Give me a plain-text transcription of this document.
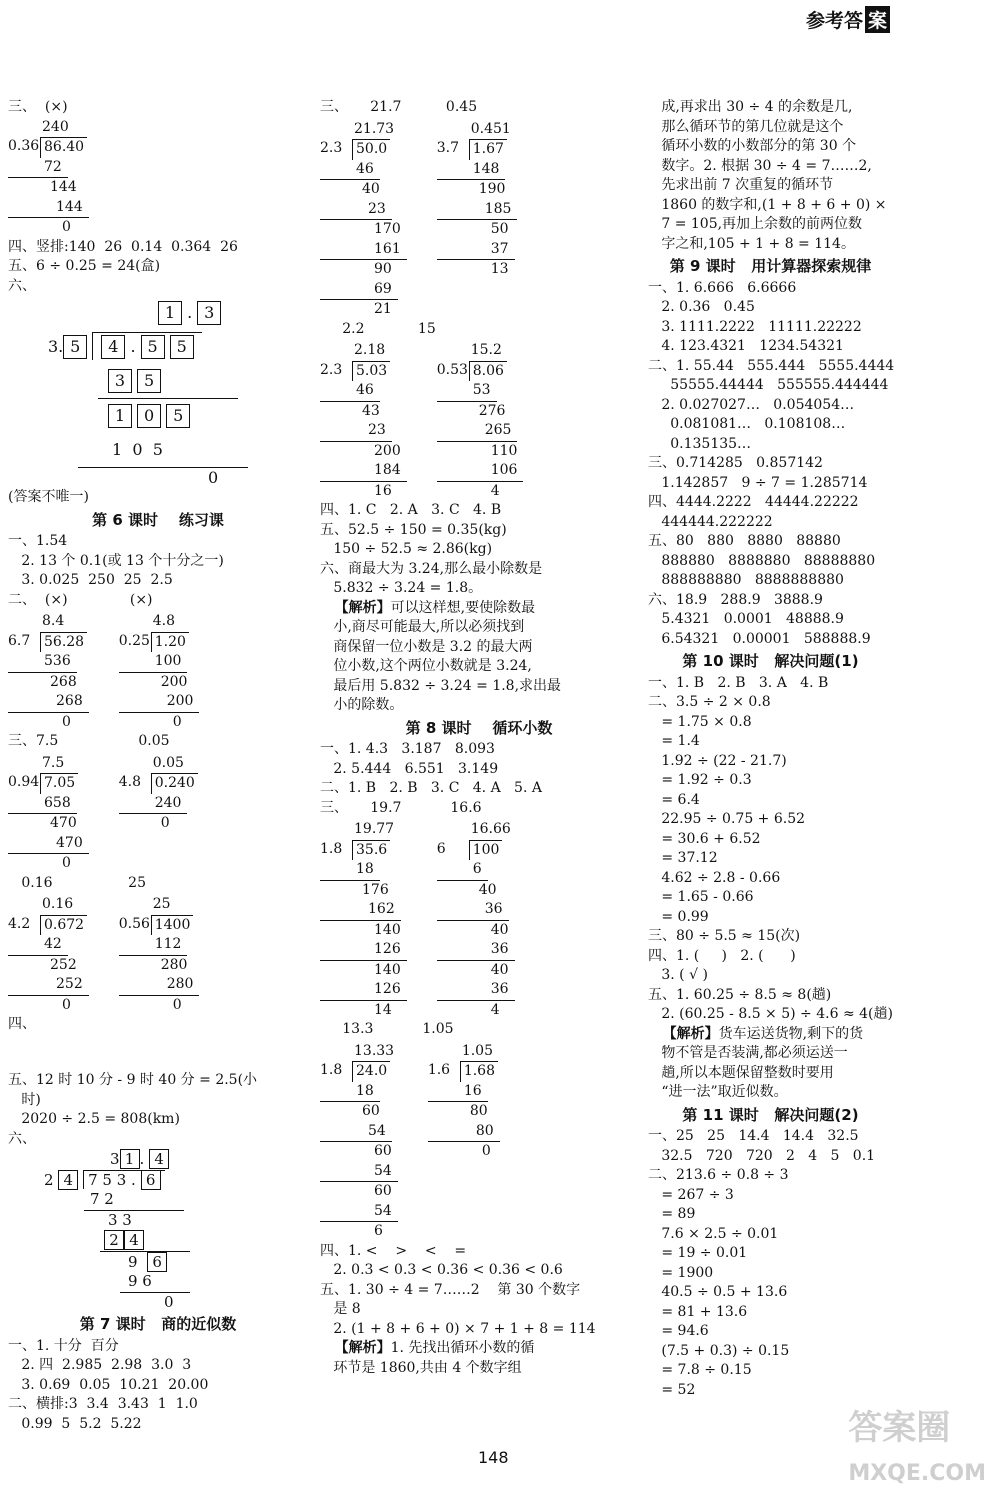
参考答 案
三、  (×)
240
0.36 86.40
72

144
144

0
四、竖排:140  26  0.14  0.364  26
五、6 ÷ 0.25 = 24(盒)
六、
1 . 3
3. 5 4 . 5 5
3 5
1 0 5
1  0  5
0
(答案不唯一)
第 6 课时    练习课
一、1.54
2. 13 个 0.1(或 13 个十分之一)
3. 0.025  250  25  2.5
二、  (×)              (×)
8.4
6.7 56.28
536

268
268

0
4.8
0.25 1.20
100

200
200

0
三、7.5                  0.05
7.5
0.94 7.05
658

470
470

0
0.05
4.8 0.240
240

0
0.16                 25
0.16
4.2 0.672
42

252
252

0
25
0.56 1400
112

280
280

0
四、
五、12 时 10 分 - 9 时 40 分 = 2.5(小
时)
2020 ÷ 2.5 = 808(km)
六、
3 1 . 4
2 4 7 5 3 . 6
7 2
3 3
2 4
9 6
9 6
0
第 7 课时   商的近似数
一、1. 十分  百分
2. 四  2.985  2.98  3.0  3
3. 0.69  0.05  10.21  20.00
二、横排:3  3.4  3.43  1  1.0
0.99  5  5.2  5.22
三、     21.7          0.45
21.73
2.3 50.0
46

40
23

170
161

90
69

21
0.451
3.7 1.67
148

190
185

50
37

13
2.2            15
2.18
2.3 5.03
46

43
23

200
184

16
15.2
0.53 8.06
53

276
265

110
106

4
四、1. C   2. A   3. C   4. B
五、52.5 ÷ 150 = 0.35(kg)
150 ÷ 52.5 ≈ 2.86(kg)
六、商最大为 3.24,那么最小除数是
5.832 ÷ 3.24 = 1.8。
【解析】可以这样想,要使除数最
小,商尽可能最大,所以必须找到
商保留一位小数是 3.2 的最大两
位小数,这个两位小数就是 3.24,
最后用 5.832 ÷ 3.24 = 1.8,求出最
小的除数。
第 8 课时    循环小数
一、1. 4.3   3.187   8.093
2. 5.444   6.551   3.149
二、1. B   2. B   3. C   4. A   5. A
三、     19.7           16.6
19.77
1.8 35.6
18

176
162

140
126

140
126

14
16.66
6	100
6

40
36

40
36

40
36

4
13.3           1.05
13.33
1.8 24.0
18

60
54

60
54

60
54

6
1.05
1.6 1.68
16

80
80

0
四、1. <    >    <    =
2. 0.3 < 0.3 < 0.36 < 0.36 < 0.6
五、1. 30 ÷ 4 = 7……2    第 30 个数字
是 8
2. (1 + 8 + 6 + 0) × 7 + 1 + 8 = 114
【解析】1. 先找出循环小数的循
环节是 1860,共由 4 个数字组
成,再求出 30 ÷ 4 的余数是几,
那么循环节的第几位就是这个
循环小数的小数部分的第 30 个
数字。2. 根据 30 ÷ 4 = 7……2,
先求出前 7 次重复的循环节
1860 的数字和,(1 + 8 + 6 + 0) ×
7 = 105,再加上余数的前两位数
字之和,105 + 1 + 8 = 114。
第 9 课时   用计算器探索规律
一、1. 6.666   6.6666
2. 0.36   0.45
3. 1111.2222   11111.22222
4. 123.4321   1234.54321
二、1. 55.44   555.444   5555.4444
55555.44444   555555.444444
2. 0.027027…   0.054054…
0.081081…   0.108108…
0.135135…
三、0.714285   0.857142
1.142857   9 ÷ 7 = 1.285714
四、4444.2222   44444.22222
444444.222222
五、80   880   8880   88880
888880   8888880   88888880
888888880   8888888880
六、18.9   288.9   3888.9
5.4321   0.0001   48888.9
6.54321   0.00001   588888.9
第 10 课时   解决问题(1)
一、1. B   2. B   3. A   4. B
二、3.5 ÷ 2 × 0.8
= 1.75 × 0.8
= 1.4
1.92 ÷ (22 - 21.7)
= 1.92 ÷ 0.3
= 6.4
22.95 ÷ 0.75 + 6.52
= 30.6 + 6.52
= 37.12
4.62 ÷ 2.8 - 0.66
= 1.65 - 0.66
= 0.99
三、80 ÷ 5.5 ≈ 15(次)
四、1. (     )   2. (      )
3. ( √ )
五、1. 60.25 ÷ 8.5 ≈ 8(趟)
2. (60.25 - 8.5 × 5) ÷ 4.6 ≈ 4(趟)
【解析】货车运送货物,剩下的货
物不管是否装满,都必须运送一
趟,所以本题保留整数时要用
“进一法”取近似数。
第 11 课时   解决问题(2)
一、25   25   14.4   14.4   32.5
32.5   720   720   2   4   5   0.1
二、213.6 ÷ 0.8 ÷ 3
= 267 ÷ 3
= 89
7.6 × 2.5 ÷ 0.01
= 19 ÷ 0.01
= 1900
40.5 ÷ 0.5 + 13.6
= 81 + 13.6
= 94.6
(7.5 + 0.3) ÷ 0.15
= 7.8 ÷ 0.15
= 52
148
答案圈
MXQE.COM
